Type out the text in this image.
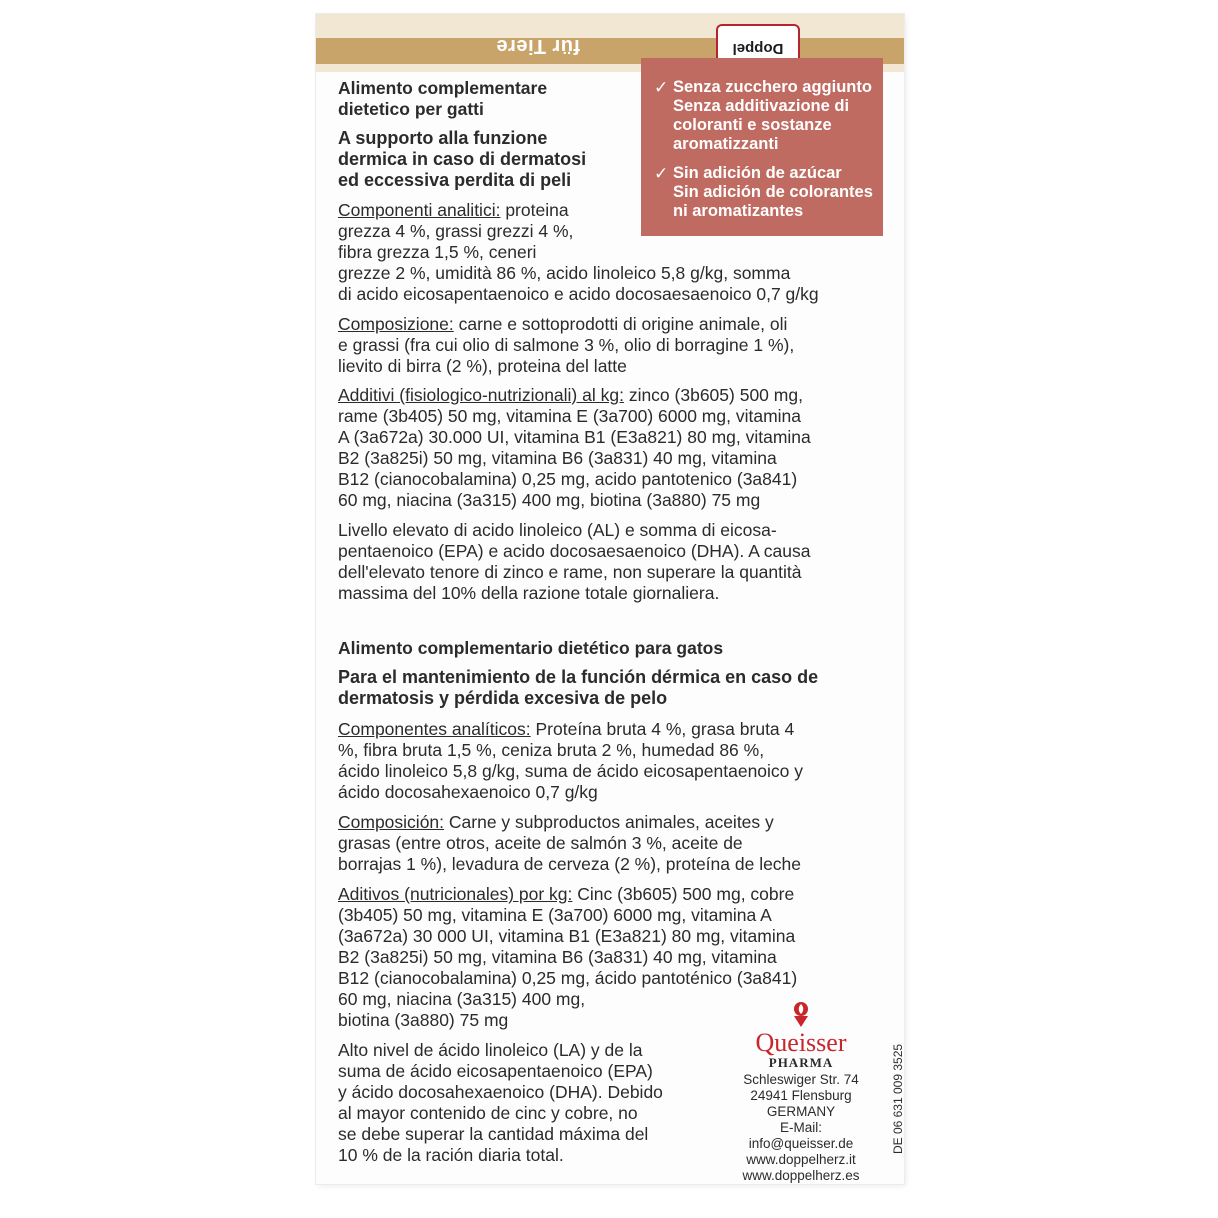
für Tiere	Doppel

Alimento complementare
dietetico per gatti

A supporto alla funzione
dermica in caso di dermatosi
ed eccessiva perdita di peli

Componenti analitici: proteina
grezza 4 %, grassi grezzi 4 %,
fibra grezza 1,5 %, ceneri
grezze 2 %, umidità 86 %, acido linoleico 5,8 g/kg, somma
di acido eicosapentaenoico e acido docosaesaenoico 0,7 g/kg
Composizione: carne e sottoprodotti di origine animale, oli
e grassi (fra cui olio di salmone 3 %, olio di borragine 1 %),
lievito di birra (2 %), proteina del latte
Additivi (fisiologico-nutrizionali) al kg: zinco (3b605) 500 mg,
rame (3b405) 50 mg, vitamina E (3a700) 6000 mg, vitamina
A (3a672a) 30.000 UI, vitamina B1 (E3a821) 80 mg, vitamina
B2 (3a825i) 50 mg, vitamina B6 (3a831) 40 mg, vitamina
B12 (cianocobalamina) 0,25 mg, acido pantotenico (3a841)
60 mg, niacina (3a315) 400 mg, biotina (3a880) 75 mg
Livello elevato di acido linoleico (AL) e somma di eicosa-
pentaenoico (EPA) e acido docosaesaenoico (DHA). A causa
dell'elevato tenore di zinco e rame, non superare la quantità
massima del 10% della razione totale giornaliera.
✓ Senza zucchero aggiunto
Senza additivazione di
coloranti e sostanze
aromatizzanti
✓ Sin adición de azúcar
Sin adición de colorantes
ni aromatizantes

Alimento complementario dietético para gatos

Para el mantenimiento de la función dérmica en caso de
dermatosis y pérdida excesiva de pelo

Componentes analíticos: Proteína bruta 4 %, grasa bruta 4
%, fibra bruta 1,5 %, ceniza bruta 2 %, humedad 86 %,
ácido linoleico 5,8 g/kg, suma de ácido eicosapentaenoico y
ácido docosahexaenoico 0,7 g/kg
Composición: Carne y subproductos animales, aceites y
grasas (entre otros, aceite de salmón 3 %, aceite de
borrajas 1 %), levadura de cerveza (2 %), proteína de leche
Aditivos (nutricionales) por kg: Cinc (3b605) 500 mg, cobre
(3b405) 50 mg, vitamina E (3a700) 6000 mg, vitamina A
(3a672a) 30 000 UI, vitamina B1 (E3a821) 80 mg, vitamina
B2 (3a825i) 50 mg, vitamina B6 (3a831) 40 mg, vitamina
B12 (cianocobalamina) 0,25 mg, ácido pantoténico (3a841)
60 mg, niacina (3a315) 400 mg,
biotina (3a880) 75 mg
Alto nivel de ácido linoleico (LA) y de la
suma de ácido eicosapentaenoico (EPA)
y ácido docosahexaenoico (DHA). Debido
al mayor contenido de cinc y cobre, no
se debe superar la cantidad máxima del
10 % de la ración diaria total.
Queisser
PHARMA
Schleswiger Str. 74
24941 Flensburg
GERMANY
E-Mail: info@queisser.de
www.doppelherz.it
www.doppelherz.es
DE 06 631 009 3525
